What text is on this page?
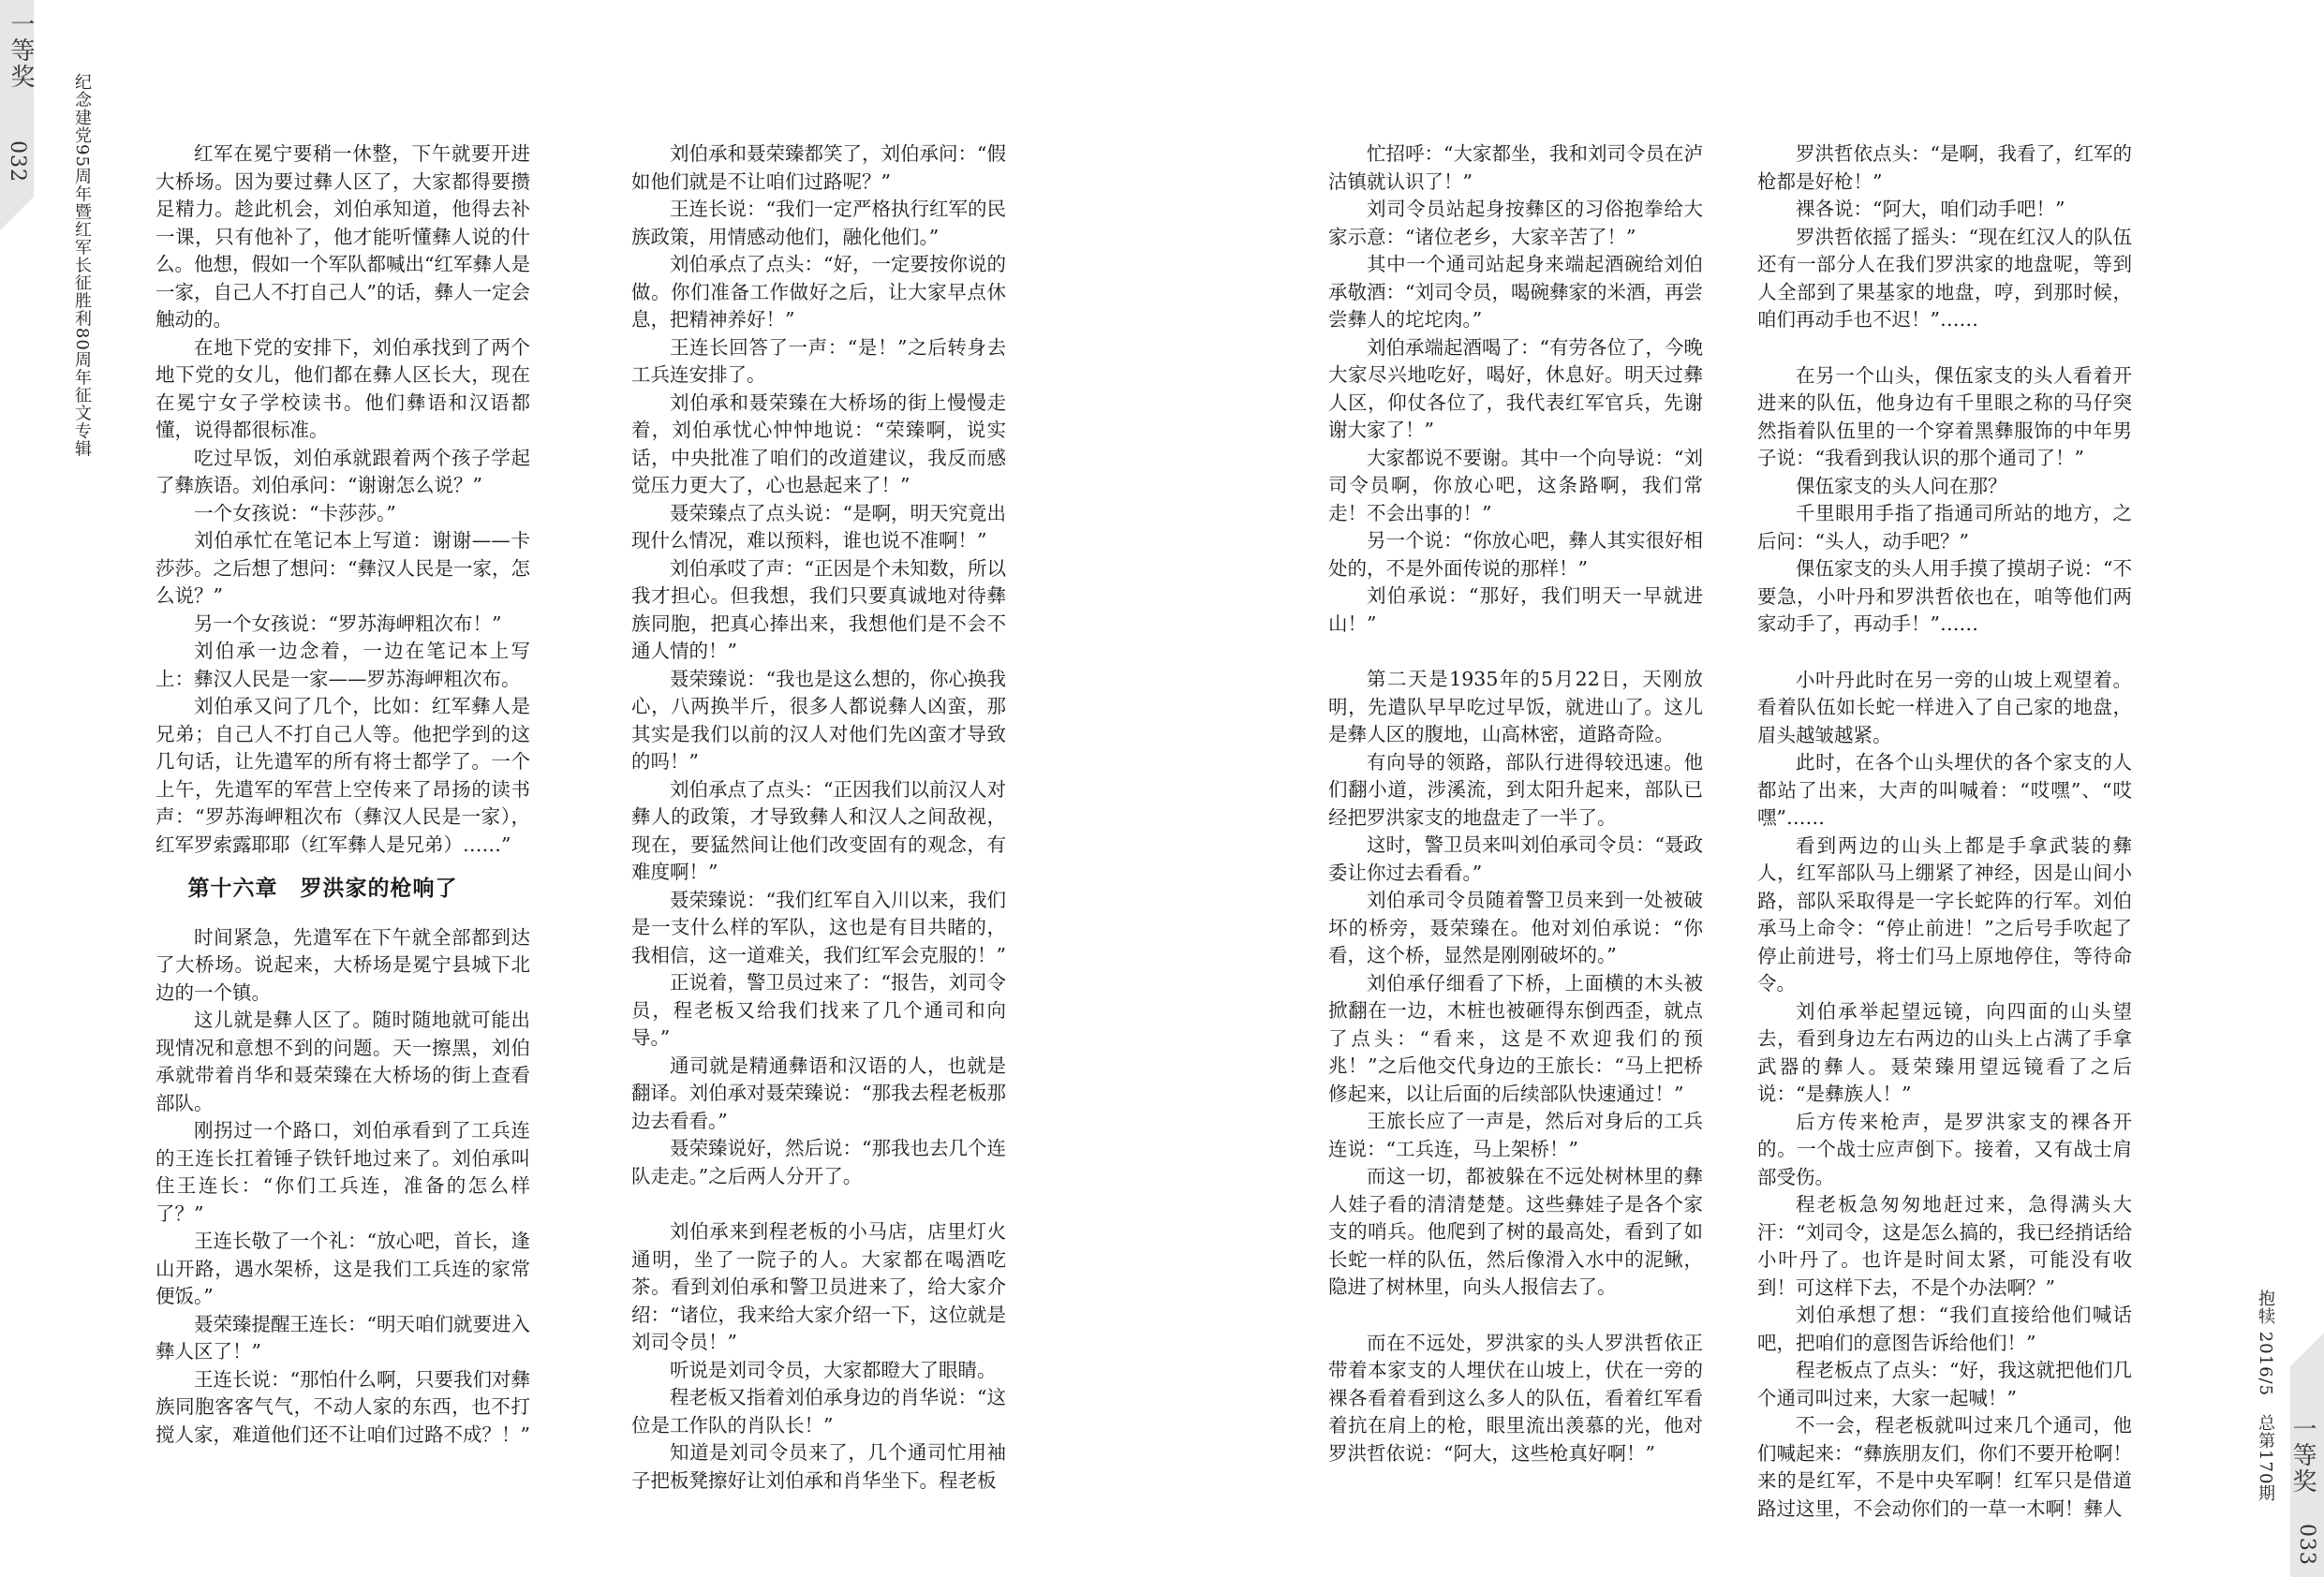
一等奖
032	纪念建党95周年暨红军长征胜利80周年征文专辑	红军在冕宁要稍一休整，下午就要开进大桥场。因为要过彝人区了，大家都得要攒足精力。趁此机会，刘伯承知道，他得去补一课，只有他补了，他才能听懂彝人说的什么。他想，假如一个军队都喊出“红军彝人是一家，自己人不打自己人”的话，彝人一定会触动的。

在地下党的安排下，刘伯承找到了两个地下党的女儿，他们都在彝人区长大，现在在冕宁女子学校读书。他们彝语和汉语都懂，说得都很标准。

吃过早饭，刘伯承就跟着两个孩子学起了彝族语。刘伯承问：“谢谢怎么说？”

一个女孩说：“卡莎莎。”

刘伯承忙在笔记本上写道：谢谢——卡莎莎。之后想了想问：“彝汉人民是一家，怎么说？”

另一个女孩说：“罗苏海岬粗次布！”

刘伯承一边念着，一边在笔记本上写上：彝汉人民是一家——罗苏海岬粗次布。

刘伯承又问了几个，比如：红军彝人是兄弟；自己人不打自己人等。他把学到的这几句话，让先遣军的所有将士都学了。一个上午，先遣军的军营上空传来了昂扬的读书声：“罗苏海岬粗次布（彝汉人民是一家），红军罗索露耶耶（红军彝人是兄弟）……”

第十六章　罗洪家的枪响了

时间紧急，先遣军在下午就全部都到达了大桥场。说起来，大桥场是冕宁县城下北边的一个镇。

这儿就是彝人区了。随时随地就可能出现情况和意想不到的问题。天一擦黑，刘伯承就带着肖华和聂荣臻在大桥场的街上查看部队。

刚拐过一个路口，刘伯承看到了工兵连的王连长扛着锤子铁钎地过来了。刘伯承叫住王连长：“你们工兵连，准备的怎么样了？”

王连长敬了一个礼：“放心吧，首长，逢山开路，遇水架桥，这是我们工兵连的家常便饭。”

聂荣臻提醒王连长：“明天咱们就要进入彝人区了！”

王连长说：“那怕什么啊，只要我们对彝族同胞客客气气，不动人家的东西，也不打搅人家，难道他们还不让咱们过路不成？！”

刘伯承和聂荣臻都笑了，刘伯承问：“假如他们就是不让咱们过路呢？”

王连长说：“我们一定严格执行红军的民族政策，用情感动他们，融化他们。”

刘伯承点了点头：“好，一定要按你说的做。你们准备工作做好之后，让大家早点休息，把精神养好！”

王连长回答了一声：“是！”之后转身去工兵连安排了。

刘伯承和聂荣臻在大桥场的街上慢慢走着，刘伯承忧心忡忡地说：“荣臻啊，说实话，中央批准了咱们的改道建议，我反而感觉压力更大了，心也悬起来了！”

聂荣臻点了点头说：“是啊，明天究竟出现什么情况，难以预料，谁也说不准啊！”

刘伯承哎了声：“正因是个未知数，所以我才担心。但我想，我们只要真诚地对待彝族同胞，把真心捧出来，我想他们是不会不通人情的！”

聂荣臻说：“我也是这么想的，你心换我心，八两换半斤，很多人都说彝人凶蛮，那其实是我们以前的汉人对他们先凶蛮才导致的吗！”

刘伯承点了点头：“正因我们以前汉人对彝人的政策，才导致彝人和汉人之间敌视，现在，要猛然间让他们改变固有的观念，有难度啊！”

聂荣臻说：“我们红军自入川以来，我们是一支什么样的军队，这也是有目共睹的，我相信，这一道难关，我们红军会克服的！”

正说着，警卫员过来了：“报告，刘司令员，程老板又给我们找来了几个通司和向导。”

通司就是精通彝语和汉语的人，也就是翻译。刘伯承对聂荣臻说：“那我去程老板那边去看看。”

聂荣臻说好，然后说：“那我也去几个连队走走。”之后两人分开了。

刘伯承来到程老板的小马店，店里灯火通明，坐了一院子的人。大家都在喝酒吃茶。看到刘伯承和警卫员进来了，给大家介绍：“诸位，我来给大家介绍一下，这位就是刘司令员！”

听说是刘司令员，大家都瞪大了眼睛。

程老板又指着刘伯承身边的肖华说：“这位是工作队的肖队长！”

知道是刘司令员来了，几个通司忙用袖子把板凳擦好让刘伯承和肖华坐下。程老板	一等奖
033
抱犊 2016/5　总第170期

忙招呼：“大家都坐，我和刘司令员在泸沽镇就认识了！”

刘司令员站起身按彝区的习俗抱拳给大家示意：“诸位老乡，大家辛苦了！”

其中一个通司站起身来端起酒碗给刘伯承敬酒：“刘司令员，喝碗彝家的米酒，再尝尝彝人的坨坨肉。”

刘伯承端起酒喝了：“有劳各位了，今晚大家尽兴地吃好，喝好，休息好。明天过彝人区，仰仗各位了，我代表红军官兵，先谢谢大家了！”

大家都说不要谢。其中一个向导说：“刘司令员啊，你放心吧，这条路啊，我们常走！不会出事的！”

另一个说：“你放心吧，彝人其实很好相处的，不是外面传说的那样！”

刘伯承说：“那好，我们明天一早就进山！”

第二天是1935年的5月22日，天刚放明，先遣队早早吃过早饭，就进山了。这儿是彝人区的腹地，山高林密，道路奇险。

有向导的领路，部队行进得较迅速。他们翻小道，涉溪流，到太阳升起来，部队已经把罗洪家支的地盘走了一半了。

这时，警卫员来叫刘伯承司令员：“聂政委让你过去看看。”

刘伯承司令员随着警卫员来到一处被破坏的桥旁，聂荣臻在。他对刘伯承说：“你看，这个桥，显然是刚刚破坏的。”

刘伯承仔细看了下桥，上面横的木头被掀翻在一边，木桩也被砸得东倒西歪，就点了点头：“看来，这是不欢迎我们的预兆！”之后他交代身边的王旅长：“马上把桥修起来，以让后面的后续部队快速通过！”

王旅长应了一声是，然后对身后的工兵连说：“工兵连，马上架桥！”

而这一切，都被躲在不远处树林里的彝人娃子看的清清楚楚。这些彝娃子是各个家支的哨兵。他爬到了树的最高处，看到了如长蛇一样的队伍，然后像滑入水中的泥鳅，隐进了树林里，向头人报信去了。

而在不远处，罗洪家的头人罗洪哲依正带着本家支的人埋伏在山坡上，伏在一旁的裸各看着看到这么多人的队伍，看着红军看着抗在肩上的枪，眼里流出羡慕的光，他对罗洪哲依说：“阿大，这些枪真好啊！”

罗洪哲依点头：“是啊，我看了，红军的枪都是好枪！”

裸各说：“阿大，咱们动手吧！”

罗洪哲依摇了摇头：“现在红汉人的队伍还有一部分人在我们罗洪家的地盘呢，等到人全部到了果基家的地盘，哼，到那时候，咱们再动手也不迟！”……

在另一个山头，倮伍家支的头人看着开进来的队伍，他身边有千里眼之称的马仔突然指着队伍里的一个穿着黑彝服饰的中年男子说：“我看到我认识的那个通司了！”

倮伍家支的头人问在那？

千里眼用手指了指通司所站的地方，之后问：“头人，动手吧？”

倮伍家支的头人用手摸了摸胡子说：“不要急，小叶丹和罗洪哲依也在，咱等他们两家动手了，再动手！”……

小叶丹此时在另一旁的山坡上观望着。看着队伍如长蛇一样进入了自己家的地盘，眉头越皱越紧。

此时，在各个山头埋伏的各个家支的人都站了出来，大声的叫喊着：“哎嘿”、“哎嘿”……

看到两边的山头上都是手拿武装的彝人，红军部队马上绷紧了神经，因是山间小路，部队采取得是一字长蛇阵的行军。刘伯承马上命令：“停止前进！”之后号手吹起了停止前进号，将士们马上原地停住，等待命令。

刘伯承举起望远镜，向四面的山头望去，看到身边左右两边的山头上占满了手拿武器的彝人。聂荣臻用望远镜看了之后说：“是彝族人！”

后方传来枪声，是罗洪家支的裸各开的。一个战士应声倒下。接着，又有战士肩部受伤。

程老板急匆匆地赶过来，急得满头大汗：“刘司令，这是怎么搞的，我已经捎话给小叶丹了。也许是时间太紧，可能没有收到！可这样下去，不是个办法啊？”

刘伯承想了想：“我们直接给他们喊话吧，把咱们的意图告诉给他们！”

程老板点了点头：“好，我这就把他们几个通司叫过来，大家一起喊！”

不一会，程老板就叫过来几个通司，他们喊起来：“彝族朋友们，你们不要开枪啊！来的是红军，不是中央军啊！红军只是借道路过这里，不会动你们的一草一木啊！彝人
